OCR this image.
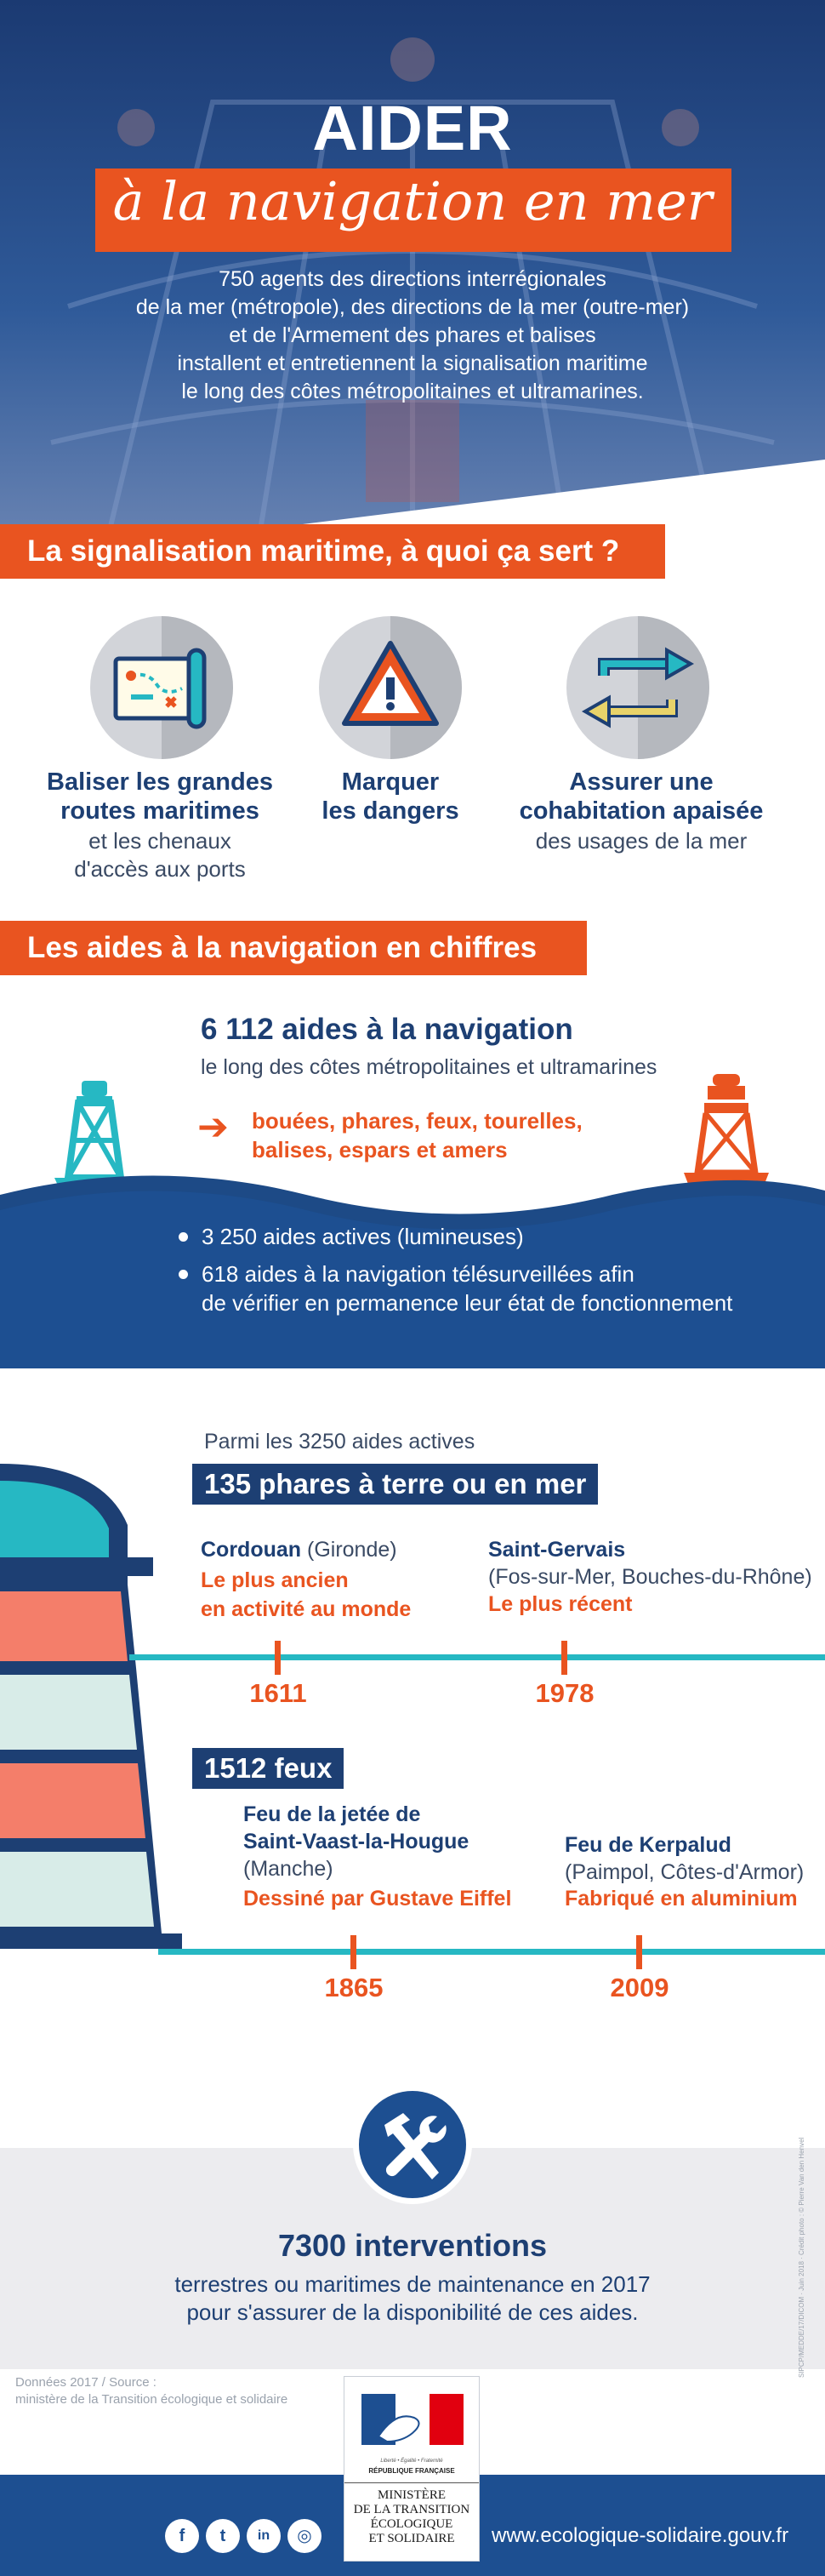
AIDER
à la navigation en mer
750 agents des directions interrégionales
de la mer (métropole), des directions de la mer (outre-mer)
et de l'Armement des phares et balises
installent et entretiennent la signalisation maritime
le long des côtes métropolitaines et ultramarines.
La signalisation maritime, à quoi ça sert ?
Baliser les grandes
routes maritimes
et les chenaux
d'accès aux ports
Marquer
les dangers
Assurer une
cohabitation apaisée
des usages de la mer
Les aides à la navigation en chiffres
6 112 aides à la navigation
le long des côtes métropolitaines et ultramarines
➔ bouées, phares, feux, tourelles,
balises, espars et amers
3 250 aides actives (lumineuses)
618 aides à la navigation télésurveillées afin
de vérifier en permanence leur état de fonctionnement
Parmi les 3250 aides actives
135 phares à terre ou en mer
Cordouan (Gironde)
Le plus ancien
en activité au monde
Saint-Gervais
(Fos-sur-Mer, Bouches-du-Rhône)
Le plus récent
1611	1978
1512 feux
Feu de la jetée de
Saint-Vaast-la-Hougue
(Manche)
Dessiné par Gustave Eiffel
Feu de Kerpalud
(Paimpol, Côtes-d'Armor)
Fabriqué en aluminium
1865	2009
7300 interventions
terrestres ou maritimes de maintenance en 2017
pour s'assurer de la disponibilité de ces aides.	SIPCP/MEDDE/17/DICOM · Juin 2018 · Crédit photo : © Pierre Van den Henvel
Données 2017 / Source :
ministère de la Transition écologique et solidaire
Liberté • Égalité • Fraternité
RÉPUBLIQUE FRANÇAISE
MINISTÈRE
DE LA TRANSITION
ÉCOLOGIQUE
ET SOLIDAIRE
f	t	in	◎	www.ecologique-solidaire.gouv.fr
